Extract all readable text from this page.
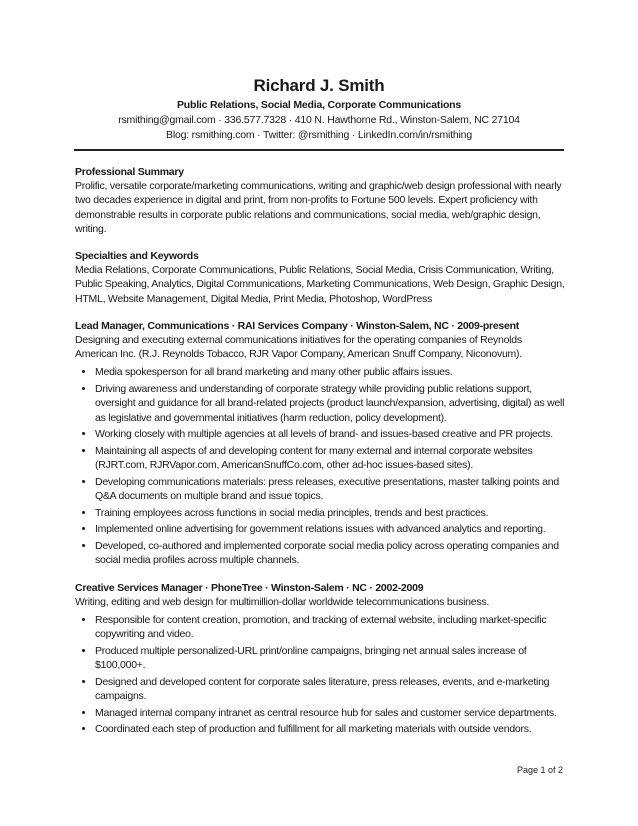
Richard J. Smith
Public Relations, Social Media, Corporate Communications
rsmithing@gmail.com · 336.577.7328 · 410 N. Hawthorne Rd., Winston-Salem, NC 27104
Blog: rsmithing.com · Twitter: @rsmithing · LinkedIn.com/in/rsmithing
Professional Summary
Prolific, versatile corporate/marketing communications, writing and graphic/web design professional with nearly two decades experience in digital and print, from non-profits to Fortune 500 levels. Expert proficiency with demonstrable results in corporate public relations and communications, social media, web/graphic design, writing.
Specialties and Keywords
Media Relations, Corporate Communications, Public Relations, Social Media, Crisis Communication, Writing, Public Speaking, Analytics, Digital Communications, Marketing Communications, Web Design, Graphic Design, HTML, Website Management, Digital Media, Print Media, Photoshop, WordPress
Lead Manager, Communications · RAI Services Company · Winston-Salem, NC · 2009-present
Designing and executing external communications initiatives for the operating companies of Reynolds American Inc. (R.J. Reynolds Tobacco, RJR Vapor Company, American Snuff Company, Niconovum).
• Media spokesperson for all brand marketing and many other public affairs issues.
• Driving awareness and understanding of corporate strategy while providing public relations support, oversight and guidance for all brand-related projects (product launch/expansion, advertising, digital) as well as legislative and governmental initiatives (harm reduction, policy development).
• Working closely with multiple agencies at all levels of brand- and issues-based creative and PR projects.
• Maintaining all aspects of and developing content for many external and internal corporate websites (RJRT.com, RJRVapor.com, AmericanSnuffCo.com, other ad-hoc issues-based sites).
• Developing communications materials: press releases, executive presentations, master talking points and Q&A documents on multiple brand and issue topics.
• Training employees across functions in social media principles, trends and best practices.
• Implemented online advertising for government relations issues with advanced analytics and reporting.
• Developed, co-authored and implemented corporate social media policy across operating companies and social media profiles across multiple channels.
Creative Services Manager · PhoneTree · Winston-Salem · NC · 2002-2009
Writing, editing and web design for multimillion-dollar worldwide telecommunications business.
• Responsible for content creation, promotion, and tracking of external website, including market-specific copywriting and video.
• Produced multiple personalized-URL print/online campaigns, bringing net annual sales increase of $100,000+.
• Designed and developed content for corporate sales literature, press releases, events, and e-marketing campaigns.
• Managed internal company intranet as central resource hub for sales and customer service departments.
• Coordinated each step of production and fulfillment for all marketing materials with outside vendors.
Page 1 of 2
